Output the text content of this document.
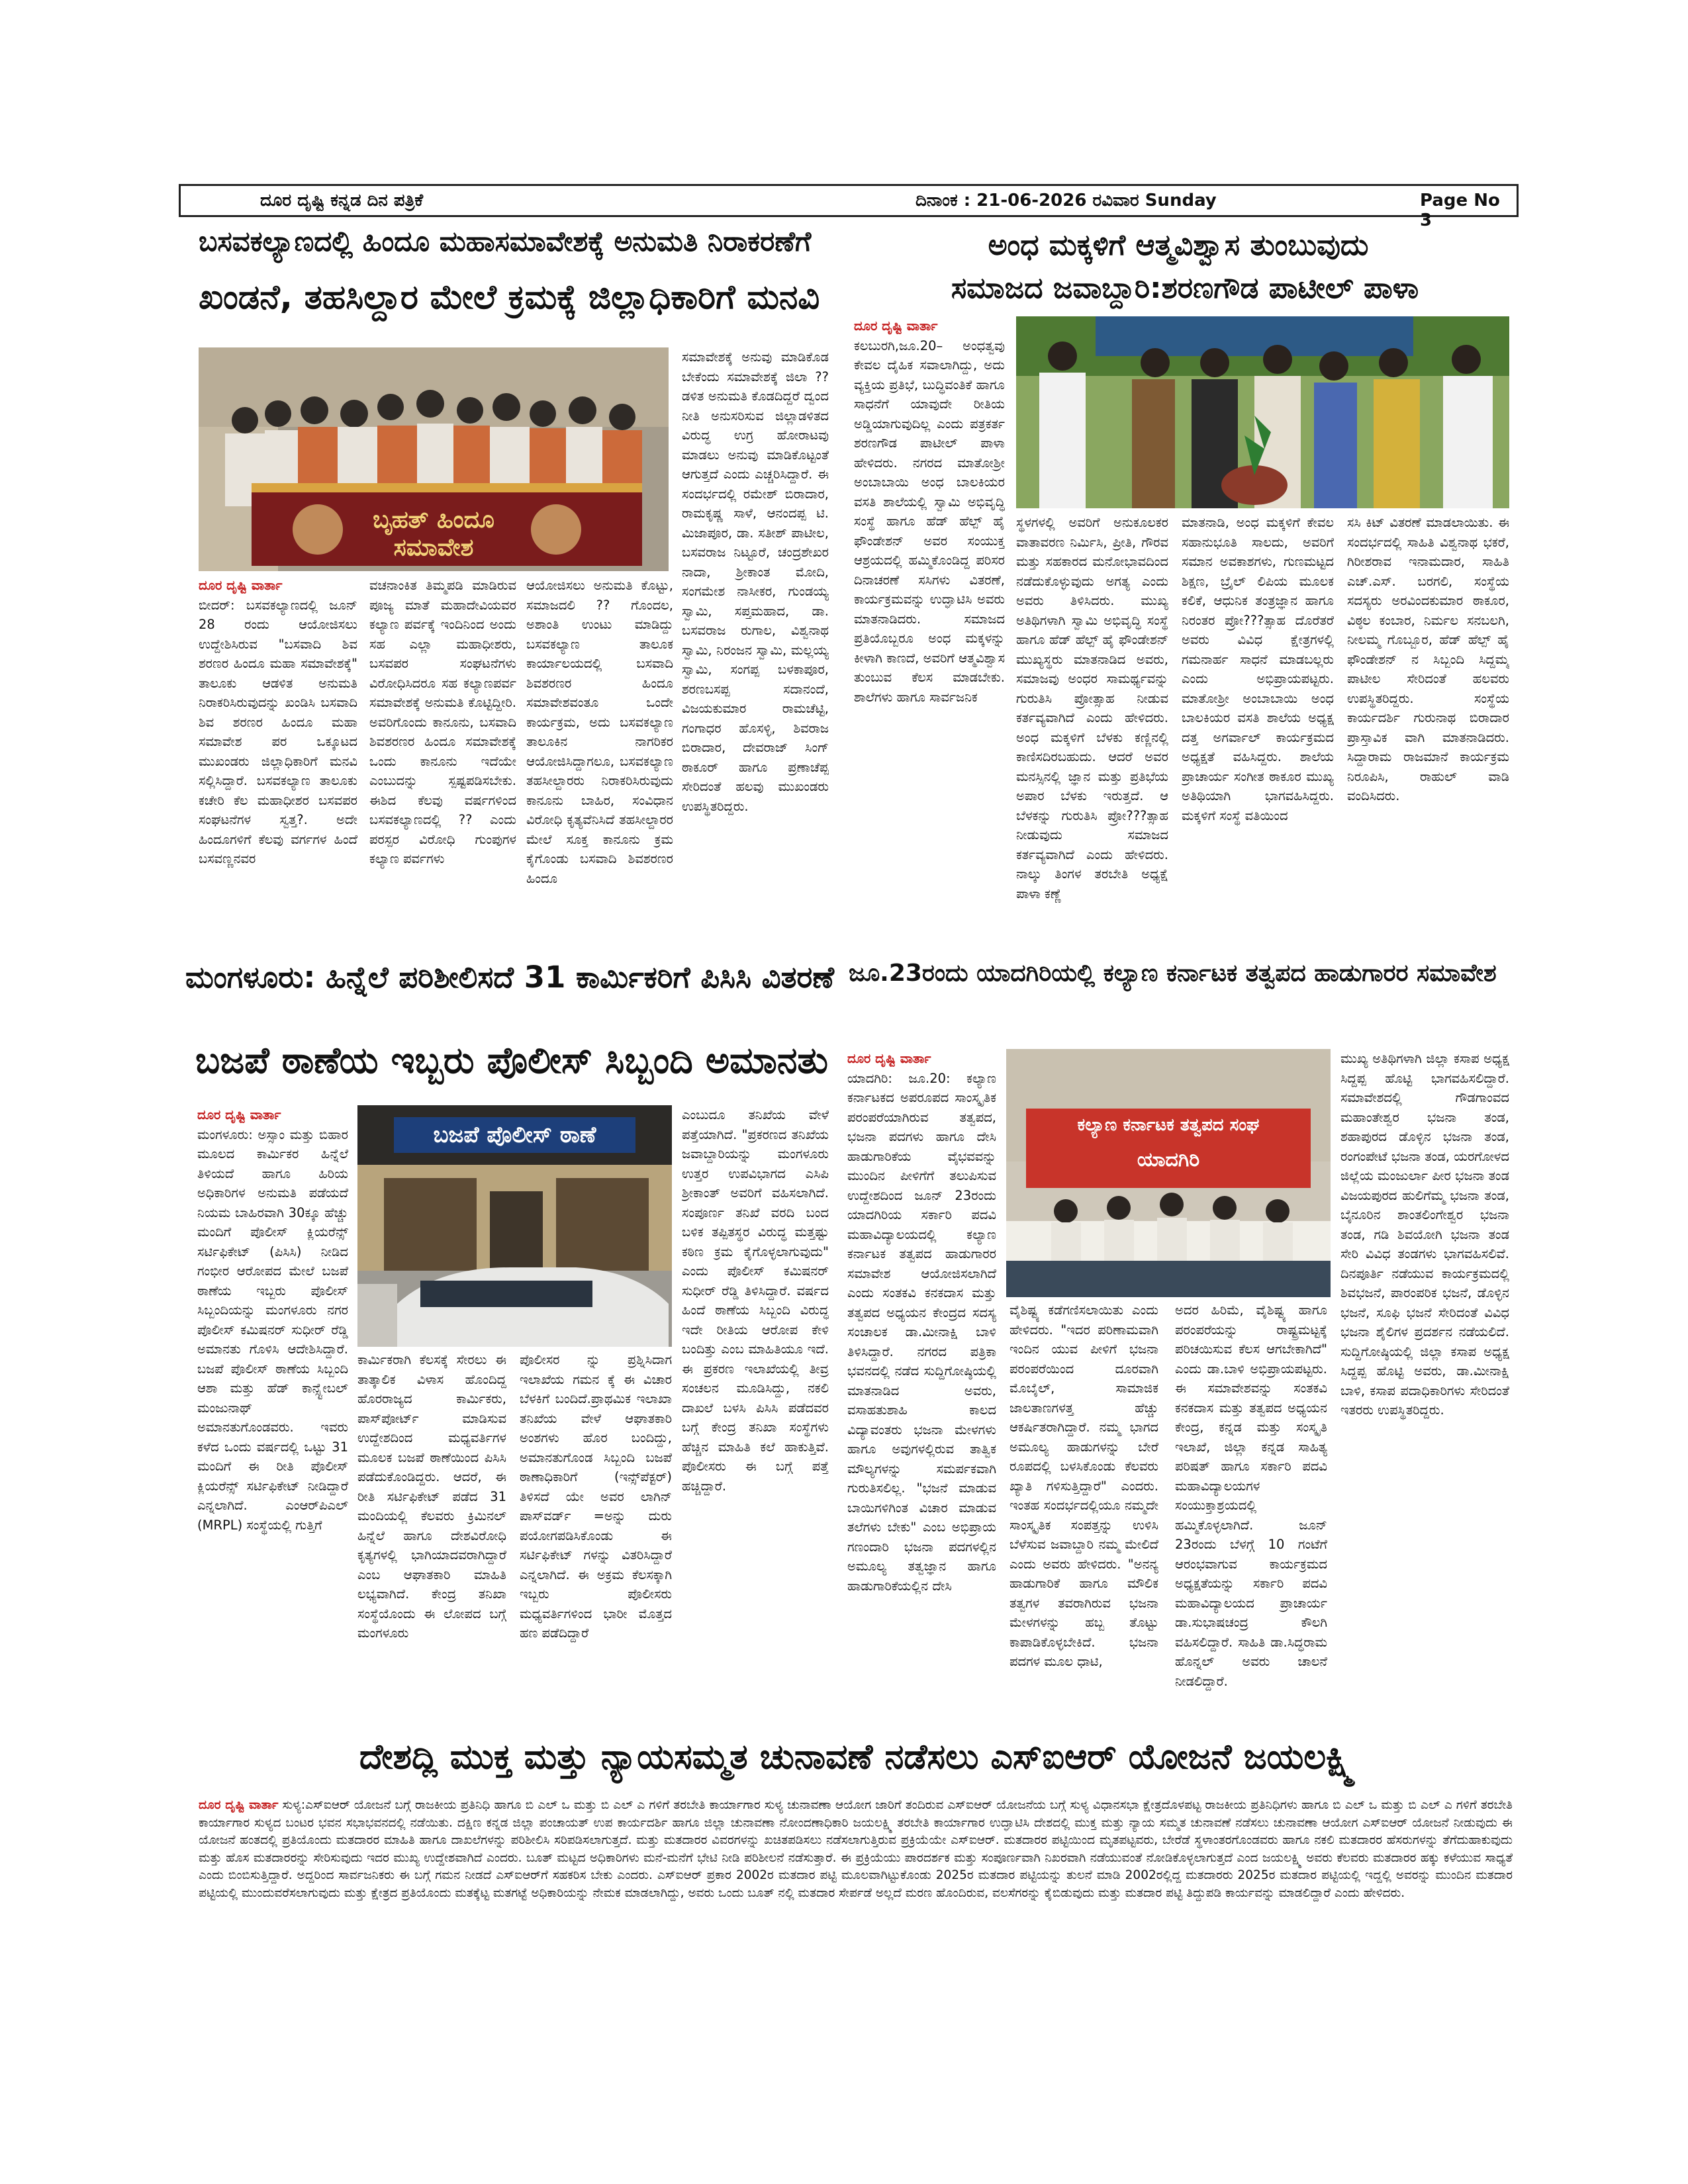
ದೂರ ದೃಷ್ಟಿ ಕನ್ನಡ ದಿನ ಪತ್ರಿಕೆ	ದಿನಾಂಕ : 21-06-2026 ರವಿವಾರ Sunday	Page No 3
ಬಸವಕಲ್ಯಾಣದಲ್ಲಿ ಹಿಂದೂ ಮಹಾಸಮಾವೇಶಕ್ಕೆ ಅನುಮತಿ ನಿರಾಕರಣೆಗೆ
ಖಂಡನೆ, ತಹಸಿಲ್ದಾರ ಮೇಲೆ ಕ್ರಮಕ್ಕೆ ಜಿಲ್ಲಾಧಿಕಾರಿಗೆ ಮನವಿ
ಬೃಹತ್ ಹಿಂದೂ ಸಮಾವೇಶ
ದೂರ ದೃಷ್ಟಿ ವಾರ್ತಾ
ಬೀದರ್: ಬಸವಕಲ್ಯಾಣದಲ್ಲಿ ಜೂನ್ 28 ರಂದು ಆಯೋಜಿಸಲು ಉದ್ದೇಶಿಸಿರುವ "ಬಸವಾದಿ ಶಿವ ಶರಣರ ಹಿಂದೂ ಮಹಾ ಸಮಾವೇಶಕ್ಕೆ" ತಾಲೂಕು ಆಡಳಿತ ಅನುಮತಿ ನಿರಾಕರಿಸಿರುವುದನ್ನು ಖಂಡಿಸಿ ಬಸವಾದಿ ಶಿವ ಶರಣರ ಹಿಂದೂ ಮಹಾ ಸಮಾವೇಶ ಪರ ಒಕ್ಕೂಟದ ಮುಖಂಡರು ಜಿಲ್ಲಾಧಿಕಾರಿಗೆ ಮನವಿ ಸಲ್ಲಿಸಿದ್ದಾರೆ. ಬಸವಕಲ್ಯಾಣ ತಾಲೂಕು ಕಚೇರಿ ಕೆಲ ಮಹಾಧೀಶರ ಬಸವಪರ ಸಂಘಟನೆಗಳ ಸ್ವತ್ತ?. ಅದೇ ಹಿಂದೂಗಳಿಗೆ ಕೆಲವು ವರ್ಗಗಳ ಹಿಂದೆ ಬಸವಣ್ಣನವರ
ವಚನಾಂಕಿತ ತಿಮ್ಮಪಡಿ ಮಾಡಿರುವ ಪೂಜ್ಯ ಮಾತೆ ಮಹಾದೇವಿಯವರ ಕಲ್ಯಾಣ ಪರ್ವಕ್ಕೆ ಇಂದಿನಿಂದ ಅಂದು ಸಹ ಎಲ್ಲಾ ಮಹಾಧೀಶರು, ಬಸವಪರ ಸಂಘಟನೆಗಳು ವಿರೋಧಿಸಿದರೂ ಸಹ ಕಲ್ಯಾಣಪರ್ವ ಸಮಾವೇಶಕ್ಕೆ ಅನುಮತಿ ಕೊಟ್ಟಿದ್ದೀರಿ. ಅವರಿಗೊಂದು ಕಾನೂನು, ಬಸವಾದಿ ಶಿವಶರಣರ ಹಿಂದೂ ಸಮಾವೇಶಕ್ಕೆ ಒಂದು ಕಾನೂನು ಇದೆಯೇ ಎಂಬುದನ್ನು ಸ್ಪಷ್ಟಪಡಿಸಬೇಕು. ಈಶಿದ ಕೆಲವು ವರ್ಷಗಳಿಂದ ಬಸವಕಲ್ಯಾಣದಲ್ಲಿ ?? ಎಂದು ಪರಸ್ಪರ ವಿರೋಧಿ ಗುಂಪುಗಳ ಕಲ್ಯಾಣ ಪರ್ವಗಳು
ಆಯೋಜಿಸಲು ಅನುಮತಿ ಕೊಟ್ಟು, ಸಮಾಜದಲಿ ?? ಗೊಂದಲ, ಅಶಾಂತಿ ಉಂಟು ಮಾಡಿದ್ದು ಬಸವಕಲ್ಯಾಣ ತಾಲೂಕ ಕಾರ್ಯಾಲಯದಲ್ಲಿ ಬಸವಾದಿ ಶಿವಶರಣರ ಹಿಂದೂ ಸಮಾವೇಶವಂತೂ ಒಂದೇ ಕಾರ್ಯಕ್ರಮ, ಅದು ಬಸವಕಲ್ಯಾಣ ತಾಲೂಕಿನ ನಾಗರಿಕರ ಆಯೋಜಿಸಿದ್ದಾಗಲೂ, ಬಸವಕಲ್ಯಾಣ ತಹಸೀಲ್ದಾರರು ನಿರಾಕರಿಸಿರುವುದು ಕಾನೂನು ಬಾಹಿರ, ಸಂವಿಧಾನ ವಿರೋಧಿ ಕೃತ್ಯವೆನಿಸಿದೆ ತಹಸೀಲ್ದಾರರ ಮೇಲೆ ಸೂಕ್ತ ಕಾನೂನು ಕ್ರಮ ಕೈಗೊಂಡು ಬಸವಾದಿ ಶಿವಶರಣರ ಹಿಂದೂ
ಸಮಾವೇಶಕ್ಕೆ ಅನುವು ಮಾಡಿಕೊಡ ಬೇಕೆಂದು ಸಮಾವೇಶಕ್ಕೆ ಜಿಲಾ ??ಡಳಿತ ಅನುಮತಿ ಕೊಡದಿದ್ದರೆ ದ್ವಂದ ನೀತಿ ಅನುಸರಿಸುವ ಜಿಲ್ಲಾಡಳಿತದ ವಿರುದ್ಧ ಉಗ್ರ ಹೋರಾಟವು ಮಾಡಲು ಅನುವು ಮಾಡಿಕೊಟ್ಟಂತೆ ಆಗುತ್ತದೆ ಎಂದು ಎಚ್ಚರಿಸಿದ್ದಾರೆ. ಈ ಸಂದರ್ಭದಲ್ಲಿ ರಮೇಶ್ ಬಿರಾದಾರ, ರಾಮಕೃಷ್ಣ ಸಾಳೆ, ಆನಂದಪ್ಪ ಟಿ. ಮಿಜಾಪೂರ, ಡಾ. ಸತೀಶ್ ಪಾಟೀಲ, ಬಸವರಾಜ ನಿಟ್ಟೂರೆ, ಚಂದ್ರಶೇಖರ ನಾದಾ, ಶ್ರೀಕಾಂತ ಮೋದಿ, ಸಂಗಮೇಶ ನಾಸೀಕರ, ಗುಂಡಯ್ಯ ಸ್ವಾಮಿ, ಸಪ್ತಮಹಾದ, ಡಾ. ಬಸವರಾಜ ರುಗಾಲ, ವಿಶ್ವನಾಥ ಸ್ವಾಮಿ, ನಿರಂಜನ ಸ್ವಾಮಿ, ಮಲ್ಲಯ್ಯ ಸ್ವಾಮಿ, ಸಂಗಪ್ಪ ಬಳಕಾಪೂರ, ಶರಣಬಸಪ್ಪ ಸದಾನಂದೆ, ವಿಜಯಕುಮಾರ ರಾಮಚೆಟ್ಟಿ, ಗಂಗಾಧರ ಹೊಸಳ್ಳಿ, ಶಿವರಾಜ ಬಿರಾದಾರ, ದೇವರಾಜ್ ಸಿಂಗ್ ಠಾಕೂರ್ ಹಾಗೂ ಪ್ರಣಾಚೆಪ್ಪ ಸೇರಿದಂತೆ ಹಲವು ಮುಖಂಡರು ಉಪಸ್ಥಿತರಿದ್ದರು.
ಅಂಧ ಮಕ್ಕಳಿಗೆ ಆತ್ಮವಿಶ್ವಾಸ ತುಂಬುವುದು
ಸಮಾಜದ ಜವಾಬ್ದಾರಿ:ಶರಣಗೌಡ ಪಾಟೀಲ್ ಪಾಳಾ
ದೂರ ದೃಷ್ಟಿ ವಾರ್ತಾ
ಕಲಬುರಗಿ,ಜೂ.20– ಅಂಧತ್ವವು ಕೇವಲ ದೈಹಿಕ ಸವಾಲಾಗಿದ್ದು, ಅದು ವ್ಯಕ್ತಿಯ ಪ್ರತಿಭೆ, ಬುದ್ಧಿವಂತಿಕೆ ಹಾಗೂ ಸಾಧನೆಗೆ ಯಾವುದೇ ರೀತಿಯ ಅಡ್ಡಿಯಾಗುವುದಿಲ್ಲ ಎಂದು ಪತ್ರಕರ್ತ ಶರಣಗೌಡ ಪಾಟೀಲ್ ಪಾಳಾ ಹೇಳಿದರು. ನಗರದ ಮಾತೋಶ್ರೀ ಅಂಬಾಬಾಯಿ ಅಂಧ ಬಾಲಕಿಯರ ವಸತಿ ಶಾಲೆಯಲ್ಲಿ ಸ್ವಾಮಿ ಅಭಿವೃದ್ಧಿ ಸಂಸ್ಥೆ ಹಾಗೂ ಹೆಡ್ ಹೆಲ್ಪ್ ಹೈ ಫೌಂಡೇಶನ್ ಅವರ ಸಂಯುಕ್ತ ಆಶ್ರಯದಲ್ಲಿ ಹಮ್ಮಿಕೊಂಡಿದ್ದ ಪರಿಸರ ದಿನಾಚರಣೆ ಸಸಿಗಳು ವಿತರಣೆ, ಕಾರ್ಯಕ್ರಮವನ್ನು ಉದ್ಘಾಟಿಸಿ ಅವರು ಮಾತನಾಡಿದರು. ಸಮಾಜದ ಪ್ರತಿಯೊಬ್ಬರೂ ಅಂಧ ಮಕ್ಕಳನ್ನು ಕೀಳಾಗಿ ಕಾಣದೆ, ಅವರಿಗೆ ಆತ್ಮವಿಶ್ವಾಸ ತುಂಬುವ ಕೆಲಸ ಮಾಡಬೇಕು. ಶಾಲೆಗಳು ಹಾಗೂ ಸಾರ್ವಜನಿಕ
ಸ್ಥಳಗಳಲ್ಲಿ ಅವರಿಗೆ ಅನುಕೂಲಕರ ವಾತಾವರಣ ನಿರ್ಮಿಸಿ, ಪ್ರೀತಿ, ಗೌರವ ಮತ್ತು ಸಹಕಾರದ ಮನೋಭಾವದಿಂದ ನಡೆದುಕೊಳ್ಳುವುದು ಅಗತ್ಯ ಎಂದು ಅವರು ತಿಳಿಸಿದರು. ಮುಖ್ಯ ಅತಿಥಿಗಳಾಗಿ ಸ್ವಾಮಿ ಅಭಿವೃದ್ಧಿ ಸಂಸ್ಥೆ ಹಾಗೂ ಹೆಡ್ ಹೆಲ್ಪ್ ಹೈ ಫೌಂಡೇಶನ್ ಮುಖ್ಯಸ್ಥರು ಮಾತನಾಡಿದ ಅವರು, ಸಮಾಜವು ಅಂಧರ ಸಾಮರ್ಥ್ಯವನ್ನು ಗುರುತಿಸಿ ಪ್ರೋತ್ಸಾಹ ನೀಡುವ ಕರ್ತವ್ಯವಾಗಿದೆ ಎಂದು ಹೇಳಿದರು. ಅಂಧ ಮಕ್ಕಳಿಗೆ ಬೆಳಕು ಕಣ್ಣಿನಲ್ಲಿ ಕಾಣಿಸದಿರಬಹುದು. ಆದರೆ ಅವರ ಮನಸ್ಸಿನಲ್ಲಿ ಜ್ಞಾನ ಮತ್ತು ಪ್ರತಿಭೆಯ ಅಪಾರ ಬೆಳಕು ಇರುತ್ತದೆ. ಆ ಬೆಳಕನ್ನು ಗುರುತಿಸಿ ಪ್ರೋ???ತ್ಸಾಹ ನೀಡುವುದು ಸಮಾಜದ ಕರ್ತವ್ಯವಾಗಿದೆ ಎಂದು ಹೇಳಿದರು. ನಾಲ್ಕು ತಿಂಗಳ ತರಬೇತಿ ಅಧ್ಯಕ್ಷೆ ಪಾಳಾ ಕಣ್ಣೆ
ಮಾತನಾಡಿ, ಅಂಧ ಮಕ್ಕಳಿಗೆ ಕೇವಲ ಸಹಾನುಭೂತಿ ಸಾಲದು, ಅವರಿಗೆ ಸಮಾನ ಅವಕಾಶಗಳು, ಗುಣಮಟ್ಟದ ಶಿಕ್ಷಣ, ಬ್ರೈಲ್ ಲಿಪಿಯ ಮೂಲಕ ಕಲಿಕೆ, ಆಧುನಿಕ ತಂತ್ರಜ್ಞಾನ ಹಾಗೂ ನಿರಂತರ ಪ್ರೋ???ತ್ಸಾಹ ದೊರೆತರೆ ಅವರು ವಿವಿಧ ಕ್ಷೇತ್ರಗಳಲ್ಲಿ ಗಮನಾರ್ಹ ಸಾಧನೆ ಮಾಡಬಲ್ಲರು ಎಂದು ಅಭಿಪ್ರಾಯಪಟ್ಟರು. ಮಾತೋಶ್ರೀ ಅಂಬಾಬಾಯಿ ಅಂಧ ಬಾಲಕಿಯರ ವಸತಿ ಶಾಲೆಯ ಅಧ್ಯಕ್ಷ ದತ್ತ ಅಗರ್ವಾಲ್ ಕಾರ್ಯಕ್ರಮದ ಅಧ್ಯಕ್ಷತೆ ವಹಿಸಿದ್ದರು. ಶಾಲೆಯ ಪ್ರಾಚಾರ್ಯ ಸಂಗೀತ ಠಾಕೂರ ಮುಖ್ಯ ಅತಿಥಿಯಾಗಿ ಭಾಗವಹಿಸಿದ್ದರು. ಮಕ್ಕಳಿಗೆ ಸಂಸ್ಥೆ ವತಿಯಿಂದ
ಸಸಿ ಕಿಟ್ ವಿತರಣೆ ಮಾಡಲಾಯಿತು. ಈ ಸಂದರ್ಭದಲ್ಲಿ ಸಾಹಿತಿ ವಿಶ್ವನಾಥ ಭಕರೆ, ಗಿರೀಶರಾವ ಇನಾಮದಾರ, ಸಾಹಿತಿ ಎಚ್.ಎಸ್. ಬರಗಲಿ, ಸಂಸ್ಥೆಯ ಸದಸ್ಯರು ಅರವಿಂದಕುಮಾರ ಠಾಕೂರ, ವಿಠ್ಠಲ ಕಂಬಾರ, ನಿರ್ಮಲ ಸನಬಲಗಿ, ನೀಲಮ್ಮ ಗೊಬ್ಬೂರ, ಹೆಡ್ ಹೆಲ್ಪ್ ಹೈ ಫೌಂಡೇಶನ್ ನ ಸಿಬ್ಬಂದಿ ಸಿದ್ದಮ್ಮ ಪಾಟೀಲ ಸೇರಿದಂತೆ ಹಲವರು ಉಪಸ್ಥಿತರಿದ್ದರು. ಸಂಸ್ಥೆಯ ಕಾರ್ಯದರ್ಶಿ ಗುರುನಾಥ ಬಿರಾದಾರ ಪ್ರಾಸ್ತಾವಿಕ ವಾಗಿ ಮಾತನಾಡಿದರು. ಸಿದ್ದಾರಾಮ ರಾಜಮಾನೆ ಕಾರ್ಯಕ್ರಮ ನಿರೂಪಿಸಿ, ರಾಹುಲ್ ವಾಡಿ ವಂದಿಸಿದರು.
ಮಂಗಳೂರು: ಹಿನ್ನೆಲೆ ಪರಿಶೀಲಿಸದೆ 31 ಕಾರ್ಮಿಕರಿಗೆ ಪಿಸಿಸಿ ವಿತರಣೆ
ಬಜಪೆ ಠಾಣೆಯ ಇಬ್ಬರು ಪೊಲೀಸ್ ಸಿಬ್ಬಂದಿ ಅಮಾನತು
ಬಜಪೆ ಪೊಲೀಸ್ ಠಾಣೆ
ದೂರ ದೃಷ್ಟಿ ವಾರ್ತಾ
ಮಂಗಳೂರು: ಅಸ್ಸಾಂ ಮತ್ತು ಬಿಹಾರ ಮೂಲದ ಕಾರ್ಮಿಕರ ಹಿನ್ನೆಲೆ ತಿಳಿಯದೆ ಹಾಗೂ ಹಿರಿಯ ಅಧಿಕಾರಿಗಳ ಅನುಮತಿ ಪಡೆಯದೆ ನಿಯಮ ಬಾಹಿರವಾಗಿ 30ಕ್ಕೂ ಹೆಚ್ಚು ಮಂದಿಗೆ ಪೊಲೀಸ್ ಕ್ಲಿಯರೆನ್ಸ್ ಸರ್ಟಿಫಿಕೇಟ್ (ಪಿಸಿಸಿ) ನೀಡಿದ ಗಂಭೀರ ಆರೋಪದ ಮೇಲೆ ಬಜಪೆ ಠಾಣೆಯ ಇಬ್ಬರು ಪೊಲೀಸ್ ಸಿಬ್ಬಂದಿಯನ್ನು ಮಂಗಳೂರು ನಗರ ಪೊಲೀಸ್ ಕಮಿಷನರ್ ಸುಧೀರ್ ರೆಡ್ಡಿ ಅಮಾನತು ಗೊಳಿಸಿ ಆದೇಶಿಸಿದ್ದಾರೆ. ಬಜಪೆ ಪೊಲೀಸ್ ಠಾಣೆಯ ಸಿಬ್ಬಂದಿ ಆಶಾ ಮತ್ತು ಹೆಡ್ ಕಾನ್ಸ್ಟೇಬಲ್ ಮಂಜುನಾಥ್ ಅಮಾನತುಗೊಂಡವರು. ಇವರು ಕಳೆದ ಒಂದು ವರ್ಷದಲ್ಲಿ ಒಟ್ಟು 31 ಮಂದಿಗೆ ಈ ರೀತಿ ಪೊಲೀಸ್ ಕ್ಲಿಯರೆನ್ಸ್ ಸರ್ಟಿಫಿಕೇಟ್ ನೀಡಿದ್ದಾರೆ ಎನ್ನಲಾಗಿದೆ. ಎಂಆರ್‌ಪಿಎಲ್ (MRPL) ಸಂಸ್ಥೆಯಲ್ಲಿ ಗುತ್ತಿಗೆ
ಕಾರ್ಮಿಕರಾಗಿ ಕೆಲಸಕ್ಕೆ ಸೇರಲು ಈ ತಾತ್ಕಾಲಿಕ ವಿಳಾಸ ಹೊಂದಿದ್ದ ಹೊರರಾಜ್ಯದ ಕಾರ್ಮಿಕರು, ಪಾಸ್‌ಪೋರ್ಟ್ ಮಾಡಿಸುವ ಉದ್ದೇಶದಿಂದ ಮಧ್ಯವರ್ತಿಗಳ ಮೂಲಕ ಬಜಪೆ ಠಾಣೆಯಿಂದ ಪಿಸಿಸಿ ಪಡೆದುಕೊಂಡಿದ್ದರು. ಆದರೆ, ಈ ರೀತಿ ಸರ್ಟಿಫಿಕೇಟ್ ಪಡೆದ 31 ಮಂದಿಯಲ್ಲಿ ಕೆಲವರು ಕ್ರಿಮಿನಲ್ ಹಿನ್ನೆಲೆ ಹಾಗೂ ದೇಶವಿರೋಧಿ ಕೃತ್ಯಗಳಲ್ಲಿ ಭಾಗಿಯಾದವರಾಗಿದ್ದಾರೆ ಎಂಬ ಆಘಾತಕಾರಿ ಮಾಹಿತಿ ಲಭ್ಯವಾಗಿದೆ. ಕೇಂದ್ರ ತನಿಖಾ ಸಂಸ್ಥೆಯೊಂದು ಈ ಲೋಪದ ಬಗ್ಗೆ ಮಂಗಳೂರು
ಪೊಲೀಸರ ನ್ನು ಪ್ರಶ್ನಿಸಿದಾಗ ಇಲಾಖೆಯ ಗಮನ ಕ್ಕೆ ಈ ವಿಚಾರ ಬೆಳಕಿಗೆ ಬಂದಿದೆ.ಪ್ರಾಥಮಿಕ ಇಲಾಖಾ ತನಿಖೆಯ ವೇಳೆ ಆಘಾತಕಾರಿ ಅಂಶಗಳು ಹೊರ ಬಂದಿದ್ದು, ಅಮಾನತುಗೊಂಡ ಸಿಬ್ಬಂದಿ ಬಜಪೆ ಠಾಣಾಧಿಕಾರಿಗೆ (ಇನ್ಸ್‌ಪೆಕ್ಟರ್) ತಿಳಿಸದೆ ಯೇ ಅವರ ಲಾಗಿನ್ ಪಾಸ್‌ವರ್ಡ್ =ಅನ್ನು ದುರು ಪಯೋಗಪಡಿಸಿಕೊಂಡು ಈ ಸರ್ಟಿಫಿಕೇಟ್ ಗಳನ್ನು ವಿತರಿಸಿದ್ದಾರೆ ಎನ್ನಲಾಗಿದೆ. ಈ ಅಕ್ರಮ ಕೆಲಸಕ್ಕಾಗಿ ಇಬ್ಬರು ಪೊಲೀಸರು ಮಧ್ಯವರ್ತಿಗಳಿಂದ ಭಾರೀ ಮೊತ್ತದ ಹಣ ಪಡೆದಿದ್ದಾರೆ
ಎಂಬುದೂ ತನಿಖೆಯ ವೇಳೆ ಪತ್ತೆಯಾಗಿದೆ. "ಪ್ರಕರಣದ ತನಿಖೆಯ ಜವಾಬ್ದಾರಿಯನ್ನು ಮಂಗಳೂರು ಉತ್ತರ ಉಪವಿಭಾಗದ ಎಸಿಪಿ ಶ್ರೀಕಾಂತ್ ಅವರಿಗೆ ವಹಿಸಲಾಗಿದೆ. ಸಂಪೂರ್ಣ ತನಿಖೆ ವರದಿ ಬಂದ ಬಳಿಕ ತಪ್ಪಿತಸ್ಥರ ವಿರುದ್ಧ ಮತ್ತಷ್ಟು ಕಠಿಣ ಕ್ರಮ ಕೈಗೊಳ್ಳಲಾಗುವುದು" ಎಂದು ಪೊಲೀಸ್ ಕಮಿಷನರ್ ಸುಧೀರ್ ರೆಡ್ಡಿ ತಿಳಿಸಿದ್ದಾರೆ. ವರ್ಷದ ಹಿಂದೆ ಠಾಣೆಯ ಸಿಬ್ಬಂದಿ ವಿರುದ್ಧ ಇದೇ ರೀತಿಯ ಆರೋಪ ಕೇಳಿ ಬಂದಿತ್ತು ಎಂಬ ಮಾಹಿತಿಯೂ ಇದೆ. ಈ ಪ್ರಕರಣ ಇಲಾಖೆಯಲ್ಲಿ ತೀವ್ರ ಸಂಚಲನ ಮೂಡಿಸಿದ್ದು, ನಕಲಿ ದಾಖಲೆ ಬಳಸಿ ಪಿಸಿಸಿ ಪಡೆದವರ ಬಗ್ಗೆ ಕೇಂದ್ರ ತನಿಖಾ ಸಂಸ್ಥೆಗಳು ಹೆಚ್ಚಿನ ಮಾಹಿತಿ ಕಲೆ ಹಾಕುತ್ತಿವೆ. ಪೊಲೀಸರು ಈ ಬಗ್ಗೆ ಪತ್ತೆ ಹಚ್ಚಿದ್ದಾರೆ.
ಜೂ.23ರಂದು ಯಾದಗಿರಿಯಲ್ಲಿ ಕಲ್ಯಾಣ ಕರ್ನಾಟಕ ತತ್ವಪದ ಹಾಡುಗಾರರ ಸಮಾವೇಶ
ಕಲ್ಯಾಣ ಕರ್ನಾಟಕ ತತ್ವಪದ ಸಂಘ
ಯಾದಗಿರಿ
ದೂರ ದೃಷ್ಟಿ ವಾರ್ತಾ
ಯಾದಗಿರಿ: ಜೂ.20: ಕಲ್ಯಾಣ ಕರ್ನಾಟಕದ ಅಪರೂಪದ ಸಾಂಸ್ಕೃತಿಕ ಪರಂಪರೆಯಾಗಿರುವ ತತ್ವಪದ, ಭಜನಾ ಪದಗಳು ಹಾಗೂ ದೇಸಿ ಹಾಡುಗಾರಿಕೆಯ ವೈಭವವನ್ನು ಮುಂದಿನ ಪೀಳಿಗೆಗೆ ತಲುಪಿಸುವ ಉದ್ದೇಶದಿಂದ ಜೂನ್ 23ರಂದು ಯಾದಗಿರಿಯ ಸರ್ಕಾರಿ ಪದವಿ ಮಹಾವಿದ್ಯಾಲಯದಲ್ಲಿ ಕಲ್ಯಾಣ ಕರ್ನಾಟಕ ತತ್ವಪದ ಹಾಡುಗಾರರ ಸಮಾವೇಶ ಆಯೋಜಿಸಲಾಗಿದೆ ಎಂದು ಸಂತಕವಿ ಕನಕದಾಸ ಮತ್ತು ತತ್ವಪದ ಅಧ್ಯಯನ ಕೇಂದ್ರದ ಸದಸ್ಯ ಸಂಚಾಲಕ ಡಾ.ಮೀನಾಕ್ಷಿ ಬಾಳಿ ತಿಳಿಸಿದ್ದಾರೆ. ನಗರದ ಪತ್ರಿಕಾ ಭವನದಲ್ಲಿ ನಡೆದ ಸುದ್ದಿಗೋಷ್ಠಿಯಲ್ಲಿ ಮಾತನಾಡಿದ ಅವರು, ವಸಾಹತುಶಾಹಿ ಕಾಲದ ವಿದ್ಯಾವಂತರು ಭಜನಾ ಮೇಳಗಳು ಹಾಗೂ ಅವುಗಳಲ್ಲಿರುವ ತಾತ್ವಿಕ ಮೌಲ್ಯಗಳನ್ನು ಸಮರ್ಪಕವಾಗಿ ಗುರುತಿಸಲಿಲ್ಲ. "ಭಜನೆ ಮಾಡುವ ಬಾಯಿಗಳಿಗಿಂತ ವಿಚಾರ ಮಾಡುವ ತಲೆಗಳು ಬೇಕು" ಎಂಬ ಅಭಿಪ್ರಾಯ ಗಣಂದಾರಿ ಭಜನಾ ಪದಗಳಲ್ಲಿನ ಅಮೂಲ್ಯ ತತ್ವಜ್ಞಾನ ಹಾಗೂ ಹಾಡುಗಾರಿಕೆಯಲ್ಲಿನ ದೇಸಿ
ವೈಶಿಷ್ಟ್ಯ ಕಡೆಗಣಿಸಲಾಯಿತು ಎಂದು ಹೇಳಿದರು. "ಇದರ ಪರಿಣಾಮವಾಗಿ ಇಂದಿನ ಯುವ ಪೀಳಿಗೆ ಭಜನಾ ಪರಂಪರೆಯಿಂದ ದೂರವಾಗಿ ಮೊಬೈಲ್, ಸಾಮಾಜಿಕ ಜಾಲತಾಣಗಳತ್ತ ಹೆಚ್ಚು ಆಕರ್ಷಿತರಾಗಿದ್ದಾರೆ. ನಮ್ಮ ಭಾಗದ ಅಮೂಲ್ಯ ಹಾಡುಗಳನ್ನು ಬೇರೆ ರೂಪದಲ್ಲಿ ಬಳಸಿಕೊಂಡು ಕೆಲವರು ಖ್ಯಾತಿ ಗಳಿಸುತ್ತಿದ್ದಾರೆ" ಎಂದರು. ಇಂತಹ ಸಂದರ್ಭದಲ್ಲಿಯೂ ನಮ್ಮದೇ ಸಾಂಸ್ಕೃತಿಕ ಸಂಪತ್ತನ್ನು ಉಳಿಸಿ ಬೆಳೆಸುವ ಜವಾಬ್ದಾರಿ ನಮ್ಮ ಮೇಲಿದೆ ಎಂದು ಅವರು ಹೇಳಿದರು. "ಅನನ್ಯ ಹಾಡುಗಾರಿಕೆ ಹಾಗೂ ಮೌಲಿಕ ತತ್ವಗಳ ತವರಾಗಿರುವ ಭಜನಾ ಮೇಳಗಳನ್ನು ಹಬ್ಬ ತೊಟ್ಟು ಕಾಪಾಡಿಕೊಳ್ಳಬೇಕಿದೆ. ಭಜನಾ ಪದಗಳ ಮೂಲ ಧಾಟಿ,
ಅದರ ಹಿರಿಮೆ, ವೈಶಿಷ್ಟ್ಯ ಹಾಗೂ ಪರಂಪರೆಯನ್ನು ರಾಷ್ಟ್ರಮಟ್ಟಕ್ಕೆ ಪರಿಚಯಿಸುವ ಕೆಲಸ ಆಗಬೇಕಾಗಿದೆ" ಎಂದು ಡಾ.ಬಾಳಿ ಅಭಿಪ್ರಾಯಪಟ್ಟರು. ಈ ಸಮಾವೇಶವನ್ನು ಸಂತಕವಿ ಕನಕದಾಸ ಮತ್ತು ತತ್ವಪದ ಅಧ್ಯಯನ ಕೇಂದ್ರ, ಕನ್ನಡ ಮತ್ತು ಸಂಸ್ಕೃತಿ ಇಲಾಖೆ, ಜಿಲ್ಲಾ ಕನ್ನಡ ಸಾಹಿತ್ಯ ಪರಿಷತ್ ಹಾಗೂ ಸರ್ಕಾರಿ ಪದವಿ ಮಹಾವಿದ್ಯಾಲಯಗಳ ಸಂಯುಕ್ತಾಶ್ರಯದಲ್ಲಿ ಹಮ್ಮಿಕೊಳ್ಳಲಾಗಿದೆ. ಜೂನ್ 23ರಂದು ಬೆಳಗ್ಗೆ 10 ಗಂಟೆಗೆ ಆರಂಭವಾಗುವ ಕಾರ್ಯಕ್ರಮದ ಅಧ್ಯಕ್ಷತೆಯನ್ನು ಸರ್ಕಾರಿ ಪದವಿ ಮಹಾವಿದ್ಯಾಲಯದ ಪ್ರಾಚಾರ್ಯ ಡಾ.ಸುಭಾಷಚಂದ್ರ ಕೌಲಗಿ ವಹಿಸಲಿದ್ದಾರೆ. ಸಾಹಿತಿ ಡಾ.ಸಿದ್ಧರಾಮ ಹೊನ್ನಲ್ ಅವರು ಚಾಲನೆ ನೀಡಲಿದ್ದಾರೆ.
ಮುಖ್ಯ ಅತಿಥಿಗಳಾಗಿ ಜಿಲ್ಲಾ ಕಸಾಪ ಅಧ್ಯಕ್ಷ ಸಿದ್ದಪ್ಪ ಹೊಟ್ಟಿ ಭಾಗವಹಿಸಲಿದ್ದಾರೆ. ಸಮಾವೇಶದಲ್ಲಿ ಗೌಡಗಾಂವದ ಮಹಾಂತೇಶ್ವರ ಭಜನಾ ತಂಡ, ಶಹಾಪುರದ ಡೊಳ್ಳಿನ ಭಜನಾ ತಂಡ, ರಂಗಂಪೇಟೆ ಭಜನಾ ತಂಡ, ಯರಗೋಳದ ಜಿಲ್ಲೆಯ ಮಂಜುರ್ಲಾ ಪೀರ ಭಜನಾ ತಂಡ ವಿಜಯಪುರದ ಹುಲಿಗೆಮ್ಮ ಭಜನಾ ತಂಡ, ಬೈನೂರಿನ ಶಾಂತಲಿಂಗೇಶ್ವರ ಭಜನಾ ತಂಡ, ಗಡಿ ಶಿವಯೋಗಿ ಭಜನಾ ತಂಡ ಸೇರಿ ವಿವಿಧ ತಂಡಗಳು ಭಾಗವಹಿಸಲಿವೆ. ದಿನಪೂರ್ತಿ ನಡೆಯುವ ಕಾರ್ಯಕ್ರಮದಲ್ಲಿ ಶಿವಭಜನೆ, ಪಾರಂಪರಿಕ ಭಜನೆ, ಡೊಳ್ಳಿನ ಭಜನೆ, ಸೂಫಿ ಭಜನೆ ಸೇರಿದಂತೆ ವಿವಿಧ ಭಜನಾ ಶೈಲಿಗಳ ಪ್ರದರ್ಶನ ನಡೆಯಲಿದೆ. ಸುದ್ದಿಗೋಷ್ಠಿಯಲ್ಲಿ ಜಿಲ್ಲಾ ಕಸಾಪ ಅಧ್ಯಕ್ಷ ಸಿದ್ದಪ್ಪ ಹೊಟ್ಟಿ ಅವರು, ಡಾ.ಮೀನಾಕ್ಷಿ ಬಾಳಿ, ಕಸಾಪ ಪದಾಧಿಕಾರಿಗಳು ಸೇರಿದಂತೆ ಇತರರು ಉಪಸ್ಥಿತರಿದ್ದರು.
ದೇಶದ್ಲಿ ಮುಕ್ತ ಮತ್ತು ನ್ಯಾಯಸಮ್ಮತ ಚುನಾವಣೆ ನಡೆಸಲು ಎಸ್ಐಆರ್ ಯೋಜನೆ ಜಯಲಕ್ಷ್ಮಿ
ದೂರ ದೃಷ್ಟಿ ವಾರ್ತಾ ಸುಳ್ಯ:ಎಸ್‌ಐಆರ್ ಯೋಜನೆ ಬಗ್ಗೆ ರಾಜಕೀಯ ಪ್ರತಿನಿಧಿ ಹಾಗೂ ಬಿ ಎಲ್ ಒ ಮತ್ತು ಬಿ ಎಲ್ ಎ ಗಳಿಗೆ ತರಬೇತಿ ಕಾರ್ಯಾಗಾರ ಸುಳ್ಯ ಚುನಾವಣಾ ಆಯೋಗ ಜಾರಿಗೆ ತಂದಿರುವ ಎಸ್‌ಐಆರ್ ಯೋಜನೆಯ ಬಗ್ಗೆ ಸುಳ್ಯ ವಿಧಾನಸಭಾ ಕ್ಷೇತ್ರದೊಳಪಟ್ಟ ರಾಜಕೀಯ ಪ್ರತಿನಿಧಿಗಳು ಹಾಗೂ ಬಿ ಎಲ್ ಒ ಮತ್ತು ಬಿ ಎಲ್ ಎ ಗಳಿಗೆ ತರಬೇತಿ ಕಾರ್ಯಾಗಾರ ಸುಳ್ಯದ ಬಂಟರ ಭವನ ಸಭಾಭವನದಲ್ಲಿ ನಡೆಯಿತು. ದಕ್ಷಿಣ ಕನ್ನಡ ಜಿಲ್ಲಾ ಪಂಚಾಯತ್ ಉಪ ಕಾರ್ಯದರ್ಶಿ ಹಾಗೂ ಜಿಲ್ಲಾ ಚುನಾವಣಾ ನೋಂದಣಾಧಿಕಾರಿ ಜಯಲಕ್ಷ್ಮಿ ತರಬೇತಿ ಕಾರ್ಯಾಗಾರ ಉದ್ಘಾಟಿಸಿ ದೇಶದಲ್ಲಿ ಮುಕ್ತ ಮತ್ತು ನ್ಯಾಯ ಸಮ್ಮತ ಚುನಾವಣೆ ನಡೆಸಲು ಚುನಾವಣಾ ಆಯೋಗ ಎಸ್‌ಐಆರ್ ಯೋಜನೆ ನೀಡುವುದು ಈ ಯೋಜನೆ ಹಂತದಲ್ಲಿ ಪ್ರತಿಯೊಂದು ಮತದಾರರ ಮಾಹಿತಿ ಹಾಗೂ ದಾಖಲೆಗಳನ್ನು ಪರಿಶೀಲಿಸಿ ಸರಿಪಡಿಸಲಾಗುತ್ತದೆ. ಮತ್ತು ಮತದಾರರ ವಿವರಗಳನ್ನು ಖಚಿತಪಡಿಸಲು ನಡೆಸಲಾಗುತ್ತಿರುವ ಪ್ರಕ್ರಿಯೆಯೇ ಎಸ್‌ಐಆರ್. ಮತದಾರರ ಪಟ್ಟಿಯಿಂದ ಮೃತಪಟ್ಟವರು, ಬೇರೆಡೆ ಸ್ಥಳಾಂತರಗೊಂಡವರು ಹಾಗೂ ನಕಲಿ ಮತದಾರರ ಹೆಸರುಗಳನ್ನು ತೆಗೆದುಹಾಕುವುದು ಮತ್ತು ಹೊಸ ಮತದಾರರನ್ನು ಸೇರಿಸುವುದು ಇದರ ಮುಖ್ಯ ಉದ್ದೇಶವಾಗಿದೆ ಎಂದರು. ಬೂತ್ ಮಟ್ಟದ ಅಧಿಕಾರಿಗಳು ಮನೆ-ಮನೆಗೆ ಭೇಟಿ ನೀಡಿ ಪರಿಶೀಲನೆ ನಡೆಸುತ್ತಾರೆ. ಈ ಪ್ರಕ್ರಿಯೆಯು ಪಾರದರ್ಶಕ ಮತ್ತು ಸಂಪೂರ್ಣವಾಗಿ ನಿಖರವಾಗಿ ನಡೆಯುವಂತೆ ನೋಡಿಕೊಳ್ಳಲಾಗುತ್ತದೆ ಎಂದ ಜಯಲಕ್ಷ್ಮಿ ಅವರು ಕೆಲವರು ಮತದಾರರ ಹಕ್ಕು ಕಳೆಯುವ ಸಾಧ್ಯತೆ ಎಂದು ಬಿಂಬಿಸುತ್ತಿದ್ದಾರೆ. ಅದ್ದರಿಂದ ಸಾರ್ವಜನಿಕರು ಈ ಬಗ್ಗೆ ಗಮನ ನೀಡದೆ ಎಸ್‌ಐಆರ್‌ಗೆ ಸಹಕರಿಸ ಬೇಕು ಎಂದರು. ಎಸ್‌ಐಆರ್ ಪ್ರಕಾರ 2002ರ ಮತದಾರ ಪಟ್ಟಿ ಮೂಲವಾಗಿಟ್ಟುಕೊಂಡು 2025ರ ಮತದಾರ ಪಟ್ಟಿಯನ್ನು ತುಲನೆ ಮಾಡಿ 2002ರಲ್ಲಿದ್ದ ಮತದಾರರು 2025ರ ಮತದಾರ ಪಟ್ಟಿಯಲ್ಲಿ ಇದ್ದಲ್ಲಿ ಅವರನ್ನು ಮುಂದಿನ ಮತದಾರ ಪಟ್ಟಿಯಲ್ಲಿ ಮುಂದುವರೆಸಲಾಗುವುದು ಮತ್ತು ಕ್ಷೇತ್ರದ ಪ್ರತಿಯೊಂದು ಮತಕ್ಕೆಟ್ಟ ಮತಗಟ್ಟೆ ಅಧಿಕಾರಿಯನ್ನು ನೇಮಕ ಮಾಡಲಾಗಿದ್ದು, ಅವರು ಒಂದು ಬೂತ್ ನಲ್ಲಿ ಮತದಾರ ಸೇರ್ಪಡೆ ಅಲ್ಲದೆ ಮರಣ ಹೊಂದಿರುವ, ವಲಸೆಗರನ್ನು ಕೈಬಿಡುವುದು ಮತ್ತು ಮತದಾರ ಪಟ್ಟಿ ತಿದ್ದುಪಡಿ ಕಾರ್ಯವನ್ನು ಮಾಡಲಿದ್ದಾರೆ ಎಂದು ಹೇಳಿದರು.
